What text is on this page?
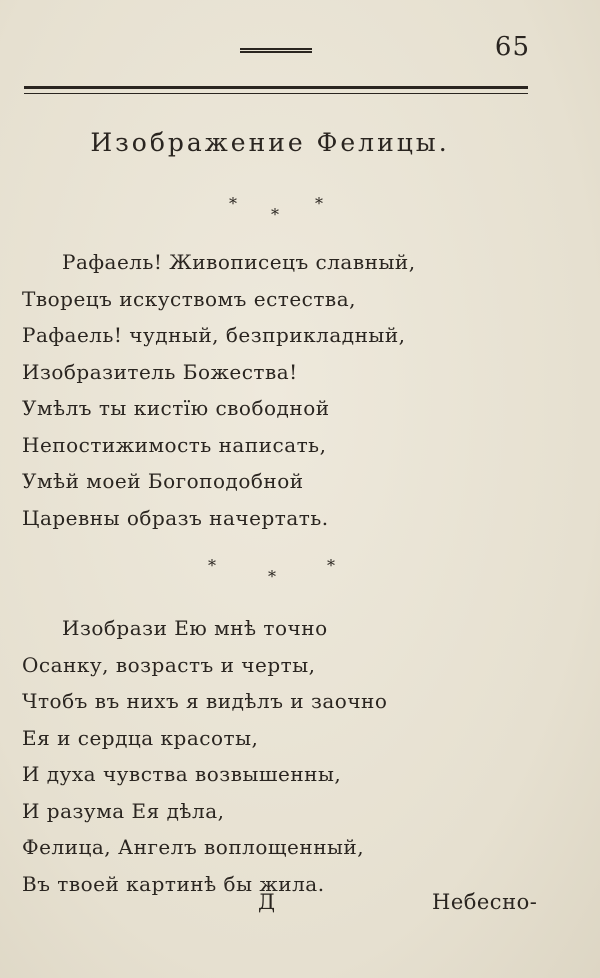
65
Изображение Фелицы.
*
*
*
Рафаель! Живописецъ славный,
Творецъ искуствомъ естества,
Рафаель! чудный, безприкладный,
Изобразитель Божества!
Умѣлъ ты кистїю свободной
Непостижимость написать,
Умѣй моей Богоподобной
Царевны образъ начертать.
*
*
*
Изобрази Ею мнѣ точно
Осанку, возрастъ и черты,
Чтобъ въ нихъ я видѣлъ и заочно
Ея и сердца красоты,
И духа чувства возвышенны,
И разума Ея дѣла,
Фелица, Ангелъ воплощенный,
Въ твоей картинѣ бы жила.
Д	Небесно-
